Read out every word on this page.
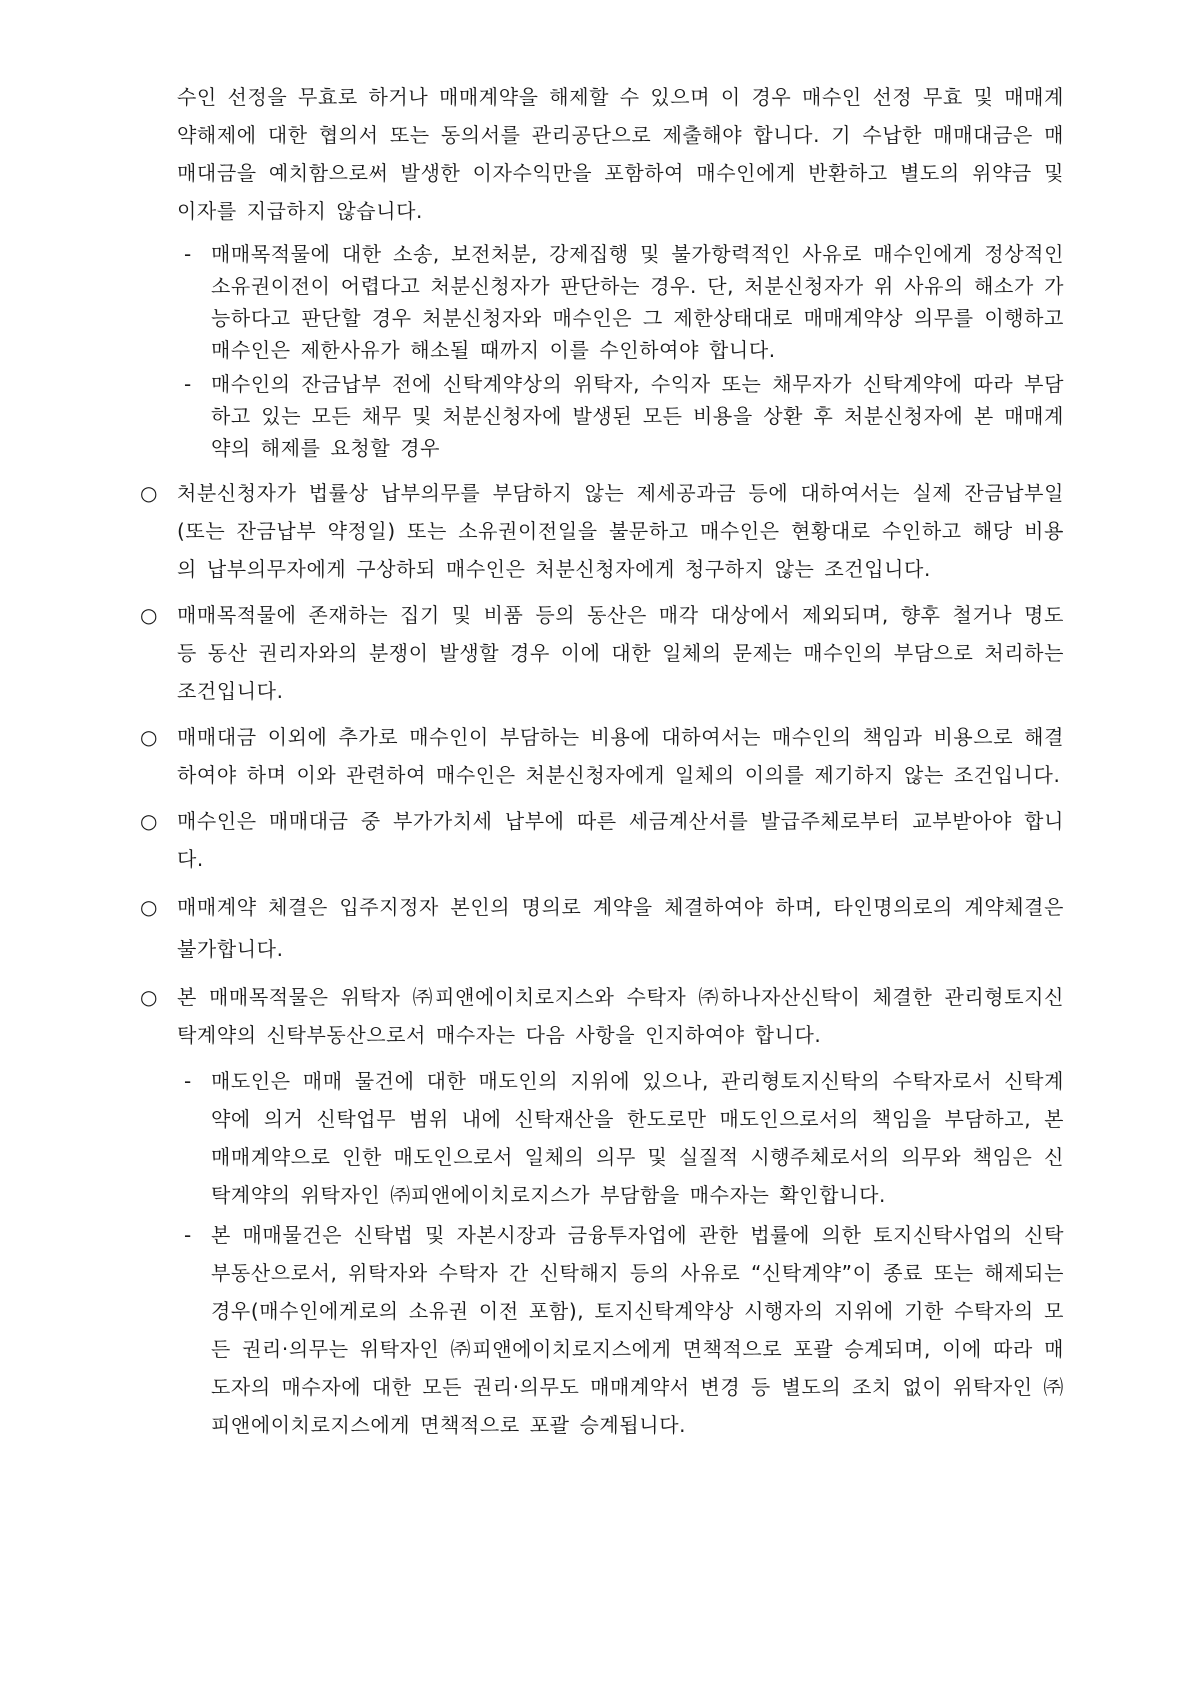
수인 선정을 무효로 하거나 매매계약을 해제할 수 있으며 이 경우 매수인 선정 무효 및 매매계약해제에 대한 협의서 또는 동의서를 관리공단으로 제출해야 합니다. 기 수납한 매매대금은 매매대금을 예치함으로써 발생한 이자수익만을 포함하여 매수인에게 반환하고 별도의 위약금 및 이자를 지급하지 않습니다.
- 매매목적물에 대한 소송, 보전처분, 강제집행 및 불가항력적인 사유로 매수인에게 정상적인 소유권이전이 어렵다고 처분신청자가 판단하는 경우. 단, 처분신청자가 위 사유의 해소가 가능하다고 판단할 경우 처분신청자와 매수인은 그 제한상태대로 매매계약상 의무를 이행하고 매수인은 제한사유가 해소될 때까지 이를 수인하여야 합니다.
- 매수인의 잔금납부 전에 신탁계약상의 위탁자, 수익자 또는 채무자가 신탁계약에 따라 부담하고 있는 모든 채무 및 처분신청자에 발생된 모든 비용을 상환 후 처분신청자에 본 매매계약의 해제를 요청할 경우
○ 처분신청자가 법률상 납부의무를 부담하지 않는 제세공과금 등에 대하여서는 실제 잔금납부일(또는 잔금납부 약정일) 또는 소유권이전일을 불문하고 매수인은 현황대로 수인하고 해당 비용의 납부의무자에게 구상하되 매수인은 처분신청자에게 청구하지 않는 조건입니다.
○ 매매목적물에 존재하는 집기 및 비품 등의 동산은 매각 대상에서 제외되며, 향후 철거나 명도 등 동산 권리자와의 분쟁이 발생할 경우 이에 대한 일체의 문제는 매수인의 부담으로 처리하는 조건입니다.
○ 매매대금 이외에 추가로 매수인이 부담하는 비용에 대하여서는 매수인의 책임과 비용으로 해결하여야 하며 이와 관련하여 매수인은 처분신청자에게 일체의 이의를 제기하지 않는 조건입니다.
○ 매수인은 매매대금 중 부가가치세 납부에 따른 세금계산서를 발급주체로부터 교부받아야 합니다.
○ 매매계약 체결은 입주지정자 본인의 명의로 계약을 체결하여야 하며, 타인명의로의 계약체결은 불가합니다.
○ 본 매매목적물은 위탁자 ㈜피앤에이치로지스와 수탁자 ㈜하나자산신탁이 체결한 관리형토지신탁계약의 신탁부동산으로서 매수자는 다음 사항을 인지하여야 합니다.
- 매도인은 매매 물건에 대한 매도인의 지위에 있으나, 관리형토지신탁의 수탁자로서 신탁계약에 의거 신탁업무 범위 내에 신탁재산을 한도로만 매도인으로서의 책임을 부담하고, 본 매매계약으로 인한 매도인으로서 일체의 의무 및 실질적 시행주체로서의 의무와 책임은 신탁계약의 위탁자인 ㈜피앤에이치로지스가 부담함을 매수자는 확인합니다.
- 본 매매물건은 신탁법 및 자본시장과 금융투자업에 관한 법률에 의한 토지신탁사업의 신탁 부동산으로서, 위탁자와 수탁자 간 신탁해지 등의 사유로 “신탁계약”이 종료 또는 해제되는 경우(매수인에게로의 소유권 이전 포함), 토지신탁계약상 시행자의 지위에 기한 수탁자의 모든 권리·의무는 위탁자인 ㈜피앤에이치로지스에게 면책적으로 포괄 승계되며, 이에 따라 매도자의 매수자에 대한 모든 권리·의무도 매매계약서 변경 등 별도의 조치 없이 위탁자인 ㈜피앤에이치로지스에게 면책적으로 포괄 승계됩니다.
